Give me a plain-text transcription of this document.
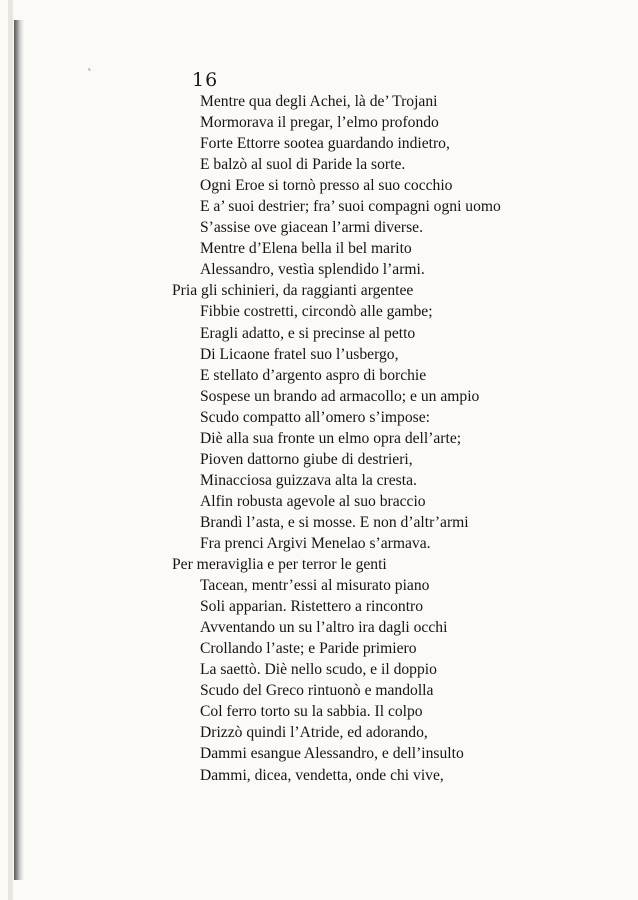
˛
16
Mentre qua degli Achei, là de’ Trojani
Mormorava il pregar, l’elmo profondo
Forte Ettorre sootea guardando indietro,
E balzò al suol di Paride la sorte.
Ogni Eroe si tornò presso al suo cocchio
E a’ suoi destrier; fra’ suoi compagni ogni uomo
S’assise ove giacean l’armi diverse.
Mentre d’Elena bella il bel marito
Alessandro, vestìa splendido l’armi.
Pria gli schinieri, da raggianti argentee
Fibbie costretti, circondò alle gambe;
Eragli adatto, e si precinse al petto
Di Licaone fratel suo l’usbergo,
E stellato d’argento aspro di borchie
Sospese un brando ad armacollo; e un ampio
Scudo compatto all’omero s’impose:
Diè alla sua fronte un elmo opra dell’arte;
Pioven dattorno giube di destrieri,
Minacciosa guizzava alta la cresta.
Alfin robusta agevole al suo braccio
Brandì l’asta, e si mosse. E non d’altr’armi
Fra prenci Argivi Menelao s’armava.
Per meraviglia e per terror le genti
Tacean, mentr’essi al misurato piano
Soli apparian. Ristettero a rincontro
Avventando un su l’altro ira dagli occhi
Crollando l’aste; e Paride primiero
La saettò. Diè nello scudo, e il doppio
Scudo del Greco rintuonò e mandolla
Col ferro torto su la sabbia. Il colpo
Drizzò quindi l’Atride, ed adorando,
Dammi esangue Alessandro, e dell’insulto
Dammi, dicea, vendetta, onde chi vive,
